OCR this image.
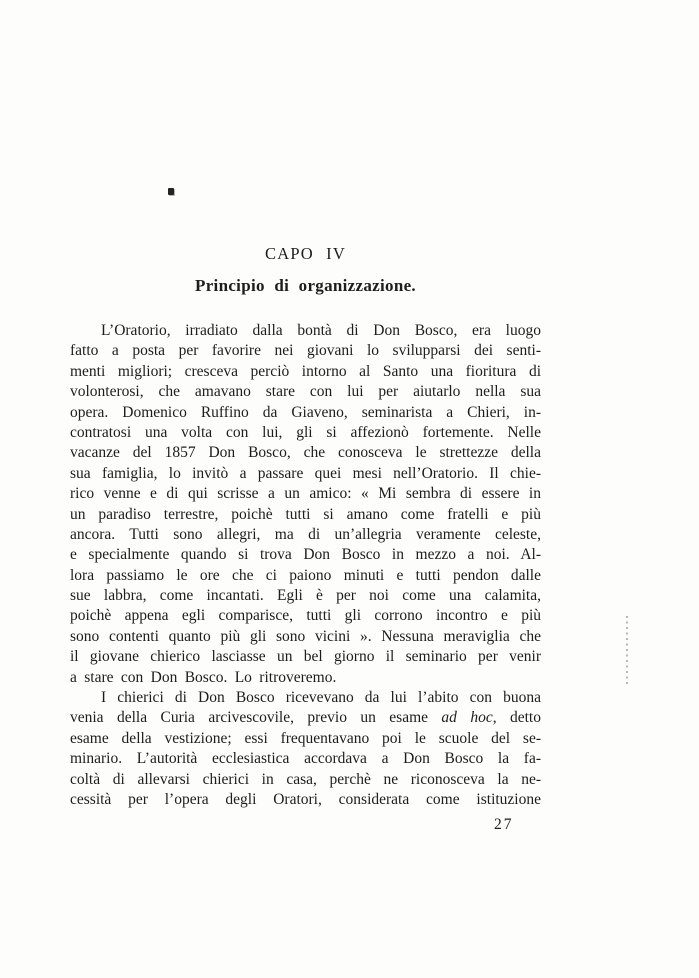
CAPO IV
Principio di organizzazione.
L’Oratorio, irradiato dalla bontà di Don Bosco, era luogo
fatto a posta per favorire nei giovani lo svilupparsi dei senti-
menti migliori; cresceva perciò intorno al Santo una fioritura di
volonterosi, che amavano stare con lui per aiutarlo nella sua
opera. Domenico Ruffino da Giaveno, seminarista a Chieri, in-
contratosi una volta con lui, gli si affezionò fortemente. Nelle
vacanze del 1857 Don Bosco, che conosceva le strettezze della
sua famiglia, lo invitò a passare quei mesi nell’Oratorio. Il chie-
rico venne e di qui scrisse a un amico: « Mi sembra di essere in
un paradiso terrestre, poichè tutti si amano come fratelli e più
ancora. Tutti sono allegri, ma di un’allegria veramente celeste,
e specialmente quando si trova Don Bosco in mezzo a noi. Al-
lora passiamo le ore che ci paiono minuti e tutti pendon dalle
sue labbra, come incantati. Egli è per noi come una calamita,
poichè appena egli comparisce, tutti gli corrono incontro e più
sono contenti quanto più gli sono vicini ». Nessuna meraviglia che
il giovane chierico lasciasse un bel giorno il seminario per venir
a stare con Don Bosco. Lo ritroveremo.
I chierici di Don Bosco ricevevano da lui l’abito con buona
venia della Curia arcivescovile, previo un esame ad hoc, detto
esame della vestizione; essi frequentavano poi le scuole del se-
minario. L’autorità ecclesiastica accordava a Don Bosco la fa-
coltà di allevarsi chierici in casa, perchè ne riconosceva la ne-
cessità per l’opera degli Oratori, considerata come istituzione
27
